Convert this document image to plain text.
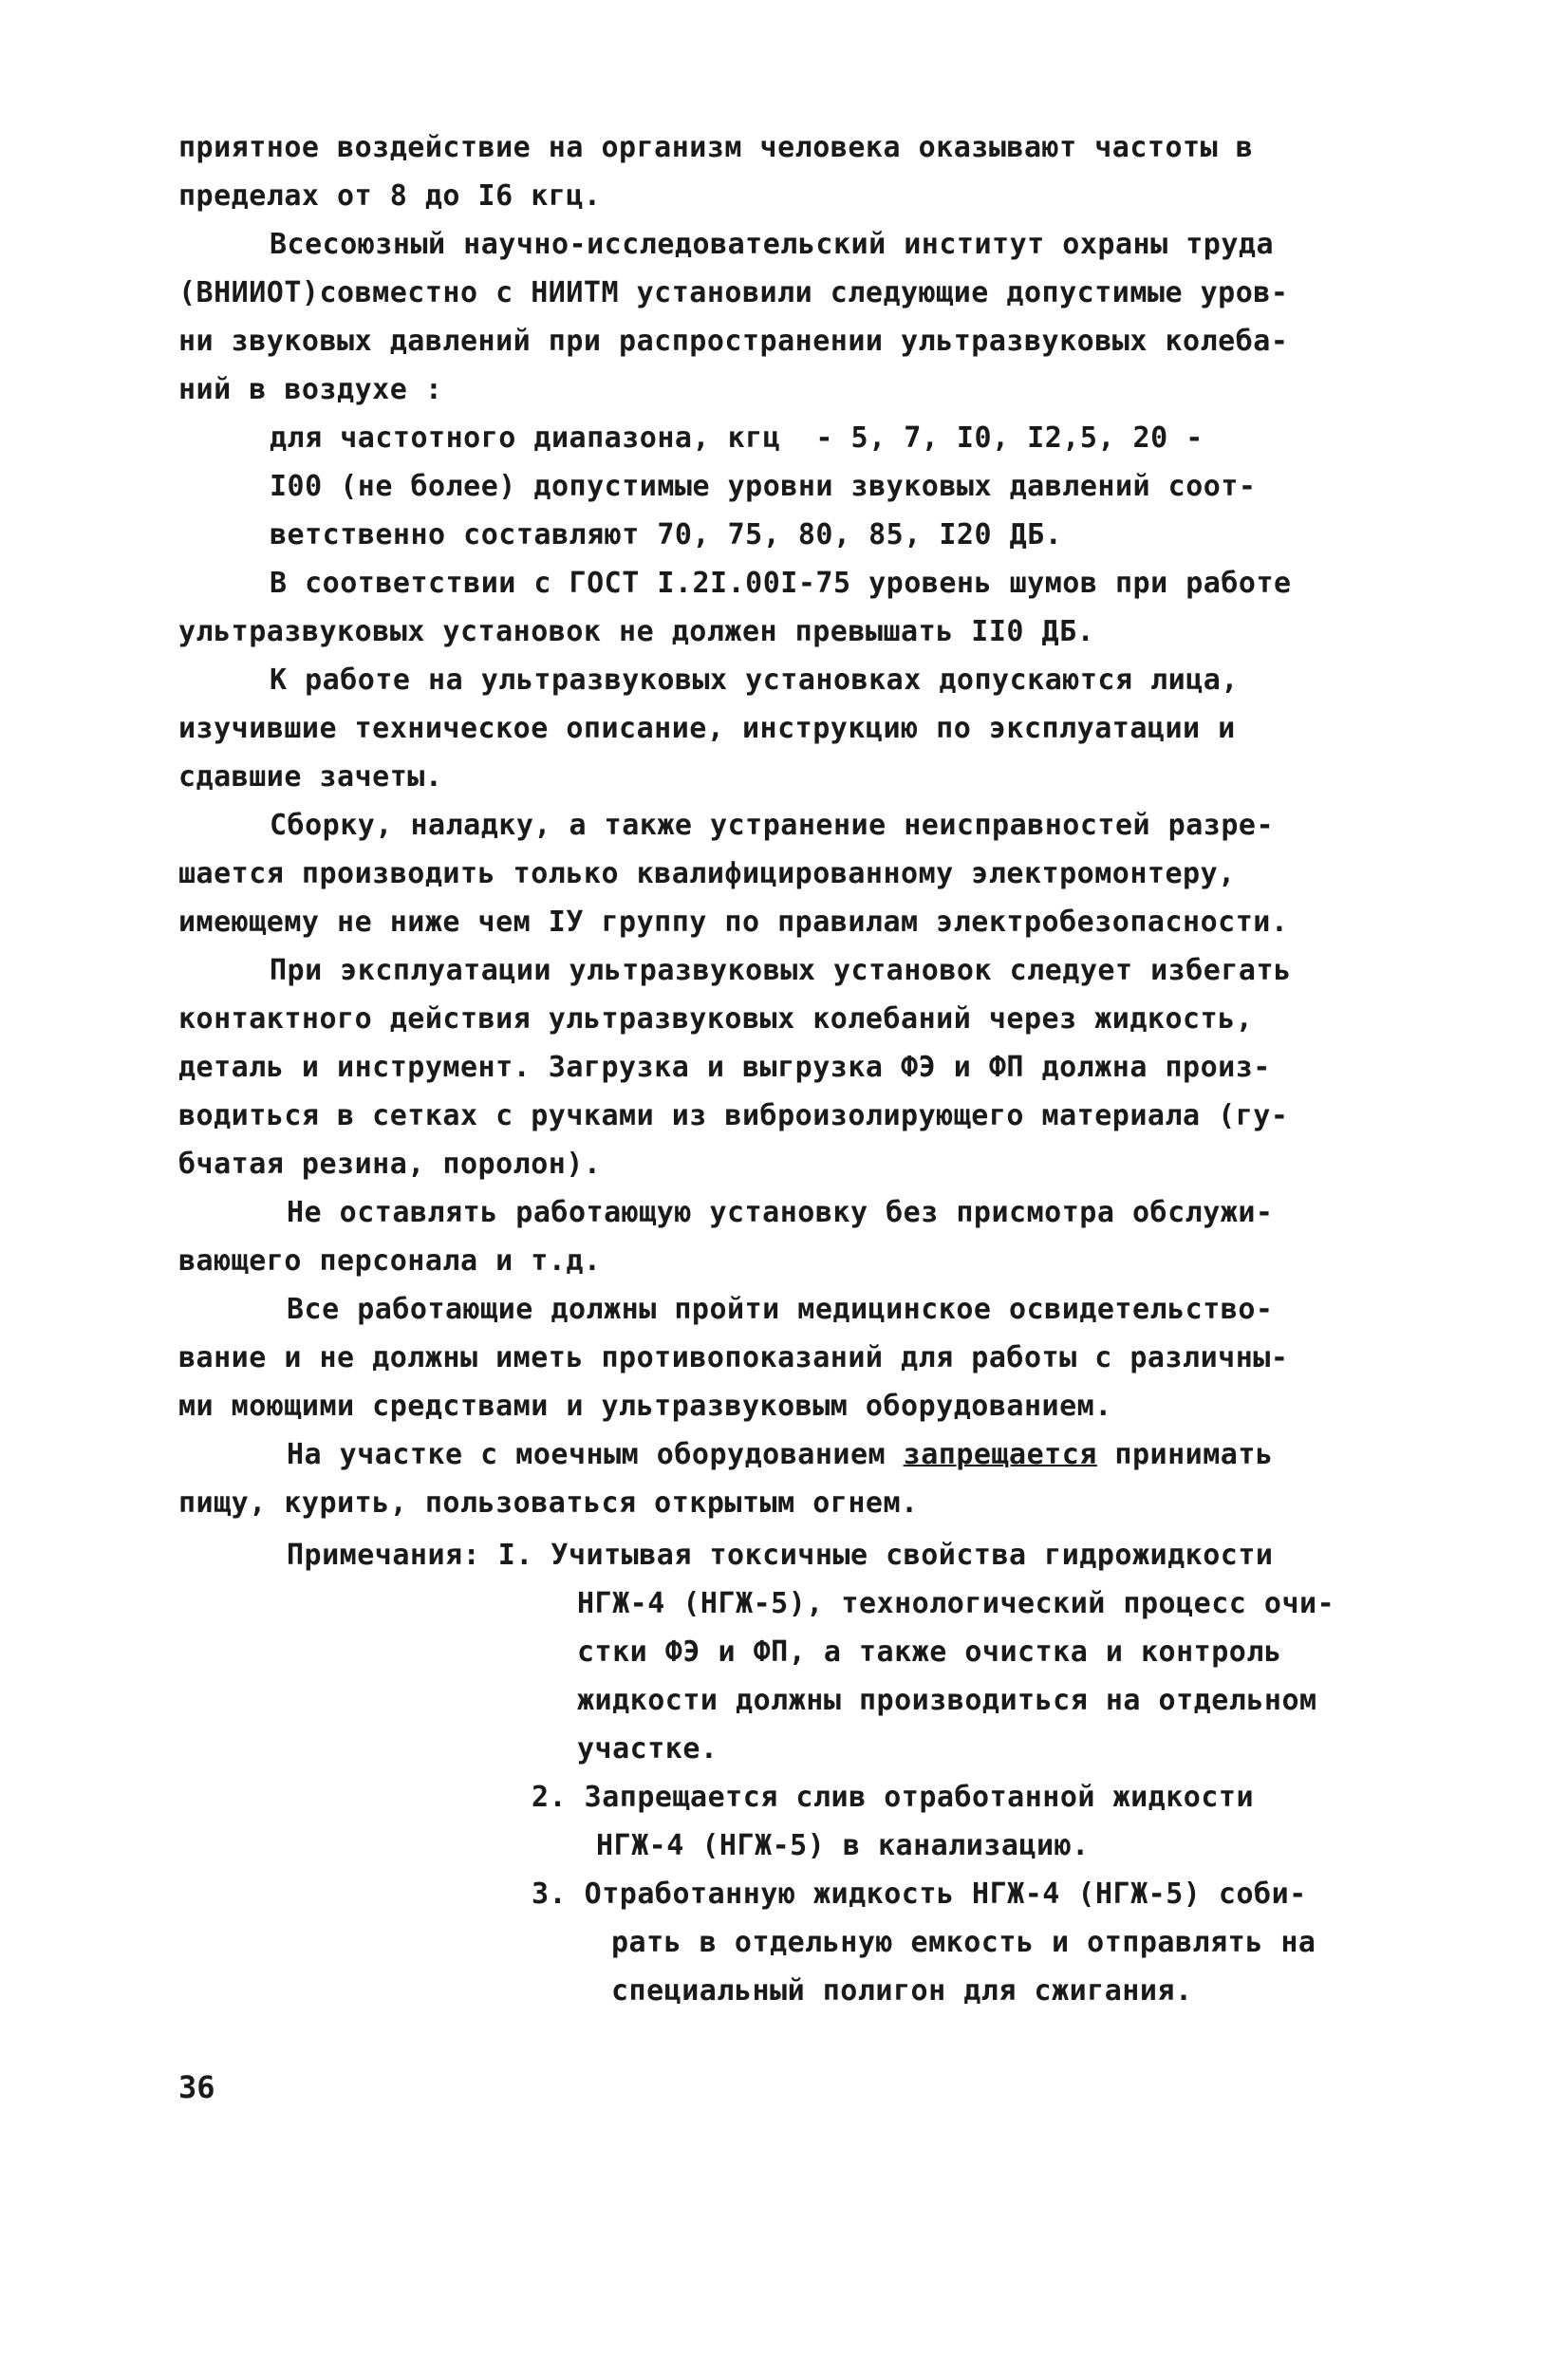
приятное воздействие на организм человека оказывают частоты в
пределах от 8 до I6 кгц.
Всесоюзный научно-исследовательский институт охраны труда
(ВНИИОТ)совместно с НИИТМ установили следующие допустимые уров-
ни звуковых давлений при распространении ультразвуковых колеба-
ний в воздухе :
для частотного диапазона, кгц  - 5, 7, I0, I2,5, 20 -
I00 (не более) допустимые уровни звуковых давлений соот-
ветственно составляют 70, 75, 80, 85, I20 ДБ.
В соответствии с ГОСТ I.2I.00I-75 уровень шумов при работе
ультразвуковых установок не должен превышать II0 ДБ.
К работе на ультразвуковых установках допускаются лица,
изучившие техническое описание, инструкцию по эксплуатации и
сдавшие зачеты.
Сборку, наладку, а также устранение неисправностей разре-
шается производить только квалифицированному электромонтеру,
имеющему не ниже чем IУ группу по правилам электробезопасности.
При эксплуатации ультразвуковых установок следует избегать
контактного действия ультразвуковых колебаний через жидкость,
деталь и инструмент. Загрузка и выгрузка ФЭ и ФП должна произ-
водиться в сетках с ручками из виброизолирующего материала (гу-
бчатая резина, поролон).
Не оставлять работающую установку без присмотра обслужи-
вающего персонала и т.д.
Все работающие должны пройти медицинское освидетельство-
вание и не должны иметь противопоказаний для работы с различны-
ми моющими средствами и ультразвуковым оборудованием.
На участке с моечным оборудованием запрещается принимать
пищу, курить, пользоваться открытым огнем.
Примечания: I. Учитывая токсичные свойства гидрожидкости
НГЖ-4 (НГЖ-5), технологический процесс очи-
стки ФЭ и ФП, а также очистка и контроль
жидкости должны производиться на отдельном
участке.
2. Запрещается слив отработанной жидкости
НГЖ-4 (НГЖ-5) в канализацию.
3. Отработанную жидкость НГЖ-4 (НГЖ-5) соби-
рать в отдельную емкость и отправлять на
специальный полигон для сжигания.
36
